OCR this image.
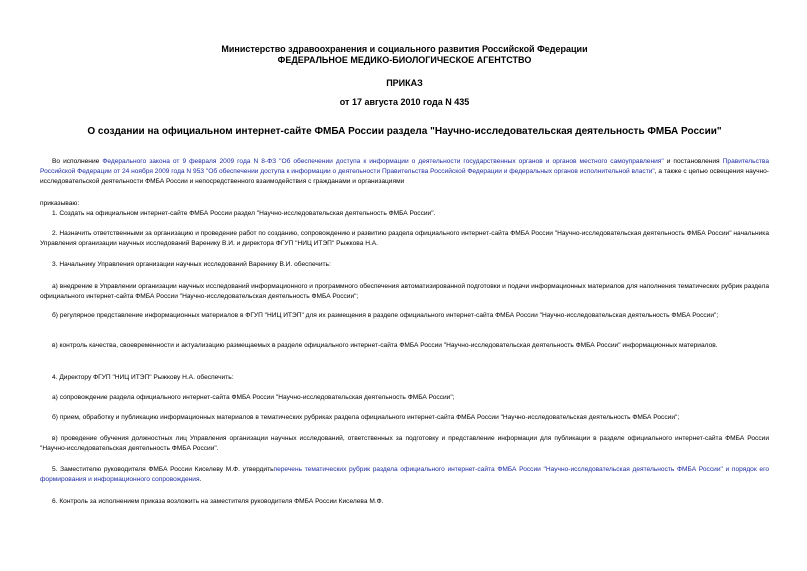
Министерство здравоохранения и социального развития Российской Федерации
ФЕДЕРАЛЬНОЕ МЕДИКО-БИОЛОГИЧЕСКОЕ АГЕНТСТВО
ПРИКАЗ
от 17 августа 2010 года N 435
О создании на официальном интернет-сайте ФМБА России раздела "Научно-исследовательская деятельность ФМБА России"
Во исполнение Федерального закона от 9 февраля 2009 года N 8-ФЗ "Об обеспечении доступа к информации о деятельности государственных органов и органов местного самоуправления" и постановления Правительства Российской Федерации от 24 ноября 2009 года N 953 "Об обеспечении доступа к информации о деятельности Правительства Российской Федерации и федеральных органов исполнительной власти", а также с целью освещения научно-исследовательской деятельности ФМБА России и непосредственного взаимодействия с гражданами и организациями
приказываю:
1. Создать на официальном интернет-сайте ФМБА России раздел "Научно-исследовательская деятельность ФМБА России".
2. Назначить ответственными за организацию и проведение работ по созданию, сопровождению и развитию раздела официального интернет-сайта ФМБА России "Научно-исследовательская деятельность ФМБА России" начальника Управления организации научных исследований Варенику В.И. и директора ФГУП "НИЦ ИТЭП" Рыжкова Н.А.
3. Начальнику Управления организации научных исследований Варенику В.И. обеспечить:
а) внедрение в Управлении организации научных исследований информационного и программного обеспечения автоматизированной подготовки и подачи информационных материалов для наполнения тематических рубрик раздела официального интернет-сайта ФМБА России "Научно-исследовательская деятельность ФМБА России";
б) регулярное представление информационных материалов в ФГУП "НИЦ ИТЭП" для их размещения в разделе официального интернет-сайта ФМБА России "Научно-исследовательская деятельность ФМБА России";
в) контроль качества, своевременности и актуализацию размещаемых в разделе официального интернет-сайта ФМБА России "Научно-исследовательская деятельность ФМБА России" информационных материалов.
4. Директору ФГУП "НИЦ ИТЭП" Рыжкову Н.А. обеспечить:
а) сопровождение раздела официального интернет-сайта ФМБА России "Научно-исследовательская деятельность ФМБА России";
б) прием, обработку и публикацию информационных материалов в тематических рубриках раздела официального интернет-сайта ФМБА России "Научно-исследовательская деятельность ФМБА России";
в) проведение обучения должностных лиц Управления организации научных исследований, ответственных за подготовку и представление информации для публикации в разделе официального интернет-сайта ФМБА России "Научно-исследовательская деятельность ФМБА России".
5. Заместителю руководителя ФМБА России Киселеву М.Ф. утвердитьперечень тематических рубрик раздела официального интернет-сайта ФМБА России "Научно-исследовательская деятельность ФМБА России" и порядок его формирования и информационного сопровождения.
6. Контроль за исполнением приказа возложить на заместителя руководителя ФМБА России Киселева М.Ф.
